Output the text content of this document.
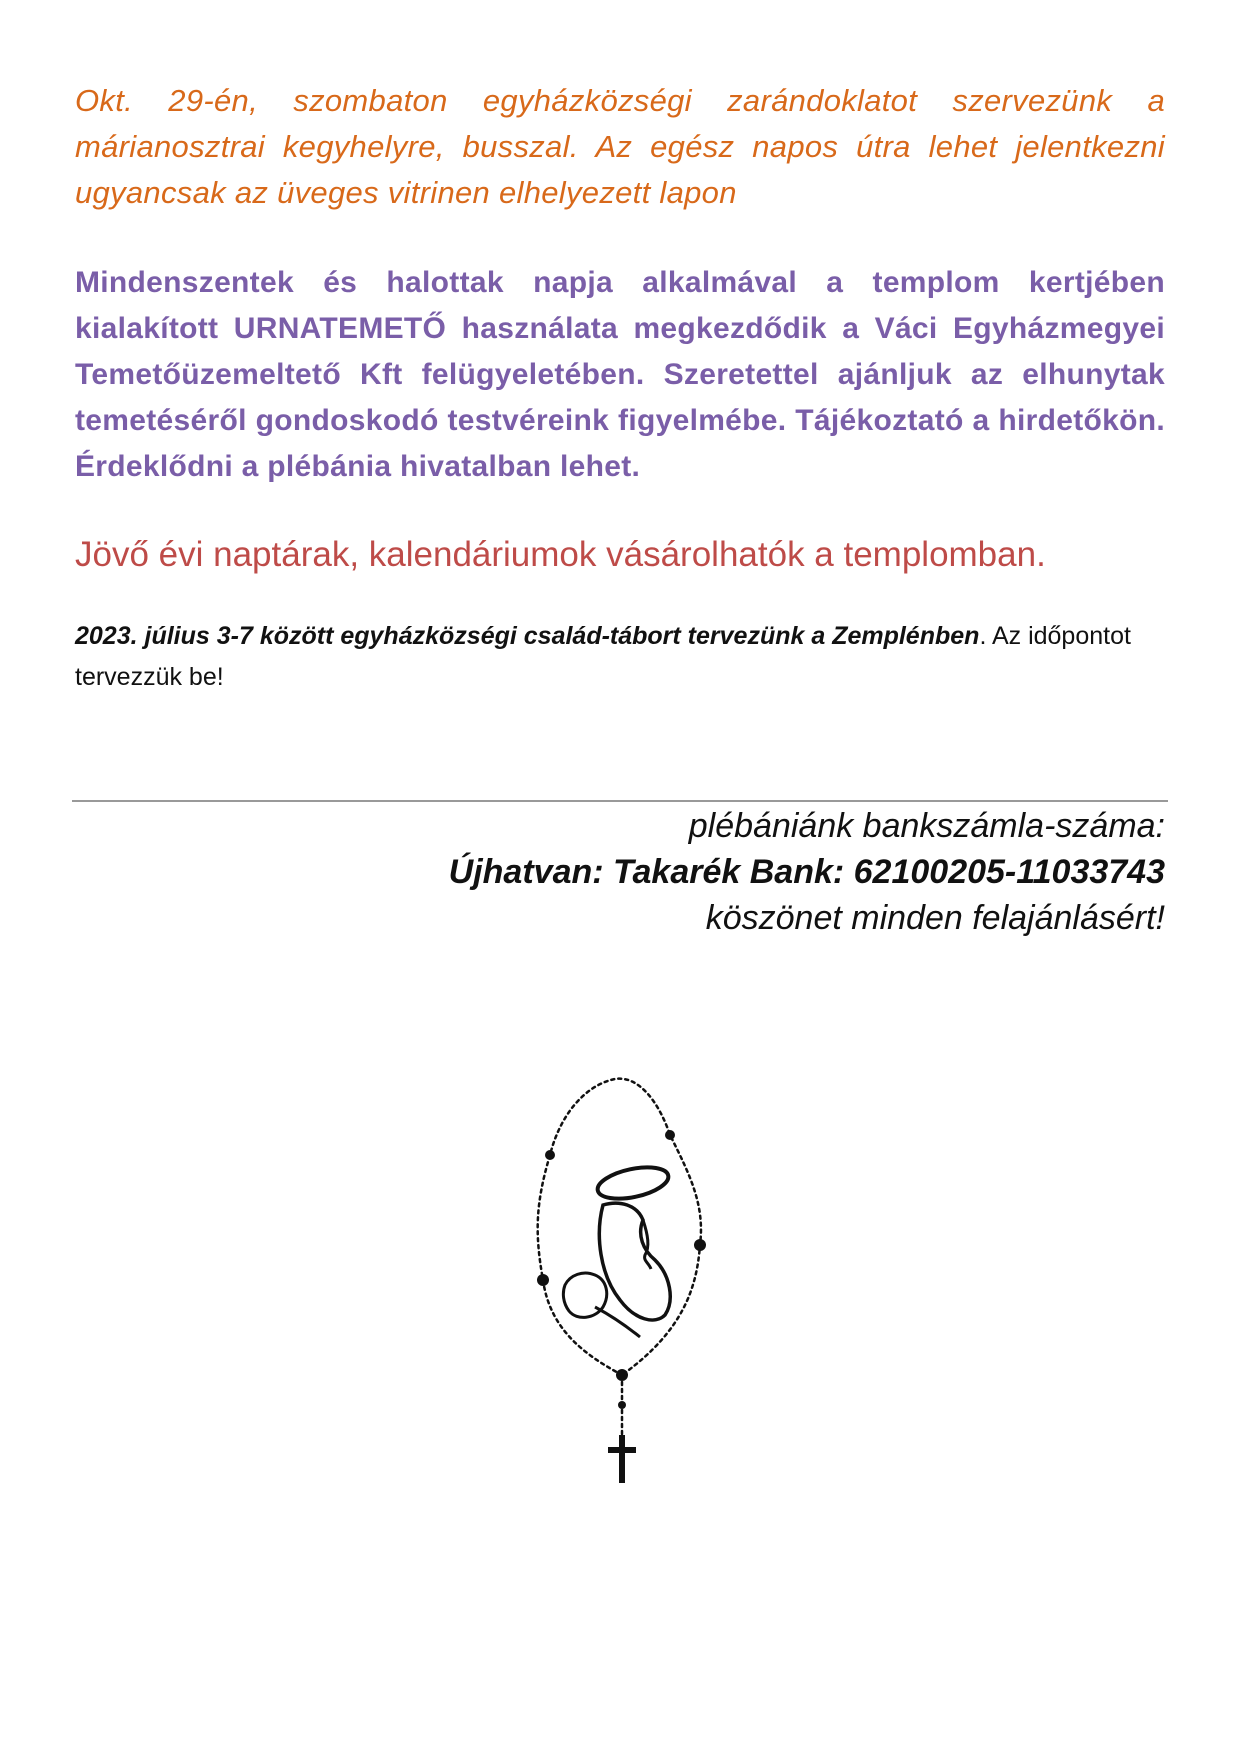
Okt. 29-én, szombaton egyházközségi zarándoklatot szervezünk a márianosztrai kegyhelyre, busszal. Az egész napos útra lehet jelentkezni ugyancsak az üveges vitrinen elhelyezett lapon

Mindenszentek és halottak napja alkalmával a templom kertjében kialakított URNATEMETŐ használata megkezdődik a Váci Egyházmegyei Temetőüzemeltető Kft felügyeletében. Szeretettel ajánljuk az elhunytak temetéséről gondoskodó testvéreink figyelmébe. Tájékoztató a hirdetőkön. Érdeklődni a plébánia hivatalban lehet.

Jövő évi naptárak, kalendáriumok vásárolhatók a templomban.

2023. július 3-7 között egyházközségi család-tábort tervezünk a Zemplénben. Az időpontot tervezzük be!

plébániánk bankszámla-száma:
Újhatvan: Takarék Bank: 62100205-11033743
köszönet minden felajánlásért!
